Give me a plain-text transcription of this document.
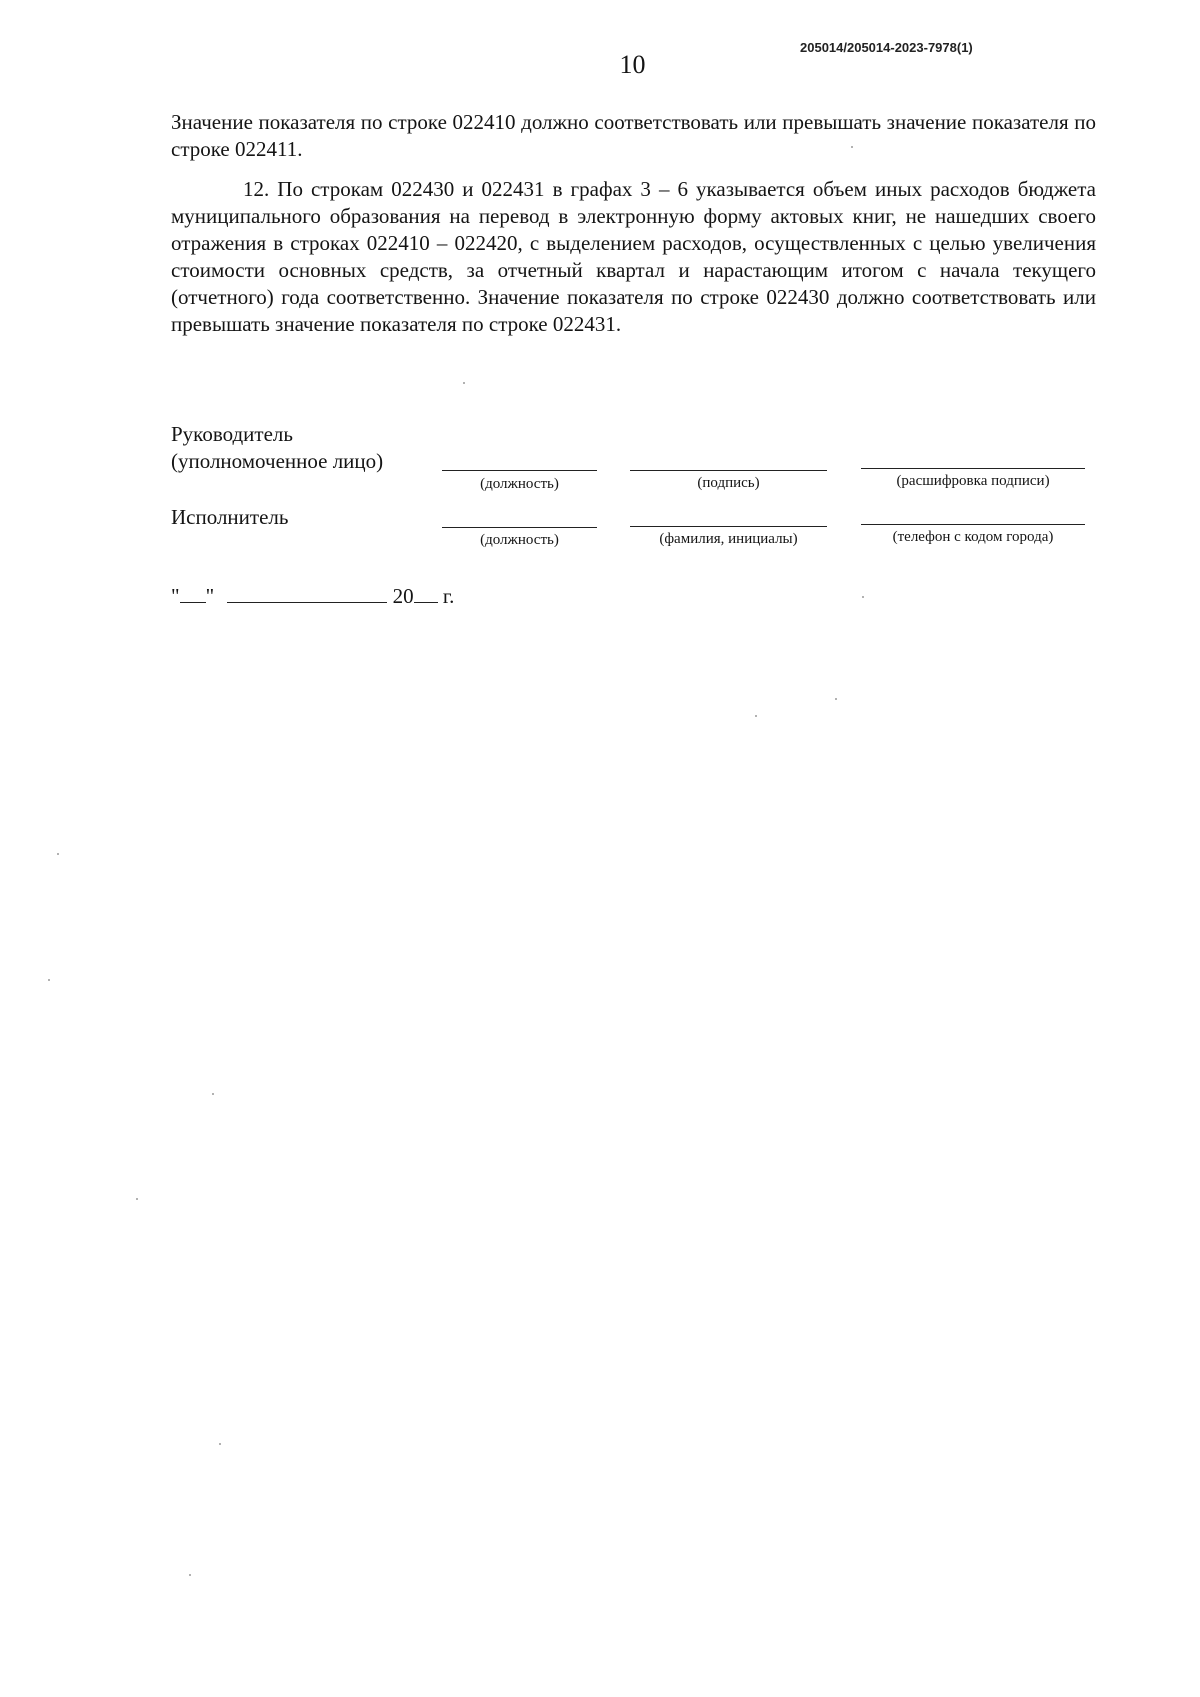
205014/205014-2023-7978(1)
10

Значение показателя по строке 022410 должно соответствовать или превышать значение показателя по строке 022411.

12. По строкам 022430 и 022431 в графах 3 – 6 указывается объем иных расходов бюджета муниципального образования на перевод в электронную форму актовых книг, не нашедших своего отражения в строках 022410 – 022420, с выделением расходов, осуществленных с целью увеличения стоимости основных средств, за отчетный квартал и нарастающим итогом с начала текущего (отчетного) года соответственно. Значение показателя по строке 022430 должно соответствовать или превышать значение показателя по строке 022431.

Руководитель
(уполномоченное лицо)
(должность)	(подпись)	(расшифровка подписи)
Исполнитель
(должность)	(фамилия, инициалы)	(телефон с кодом города)
" "	20 г.
